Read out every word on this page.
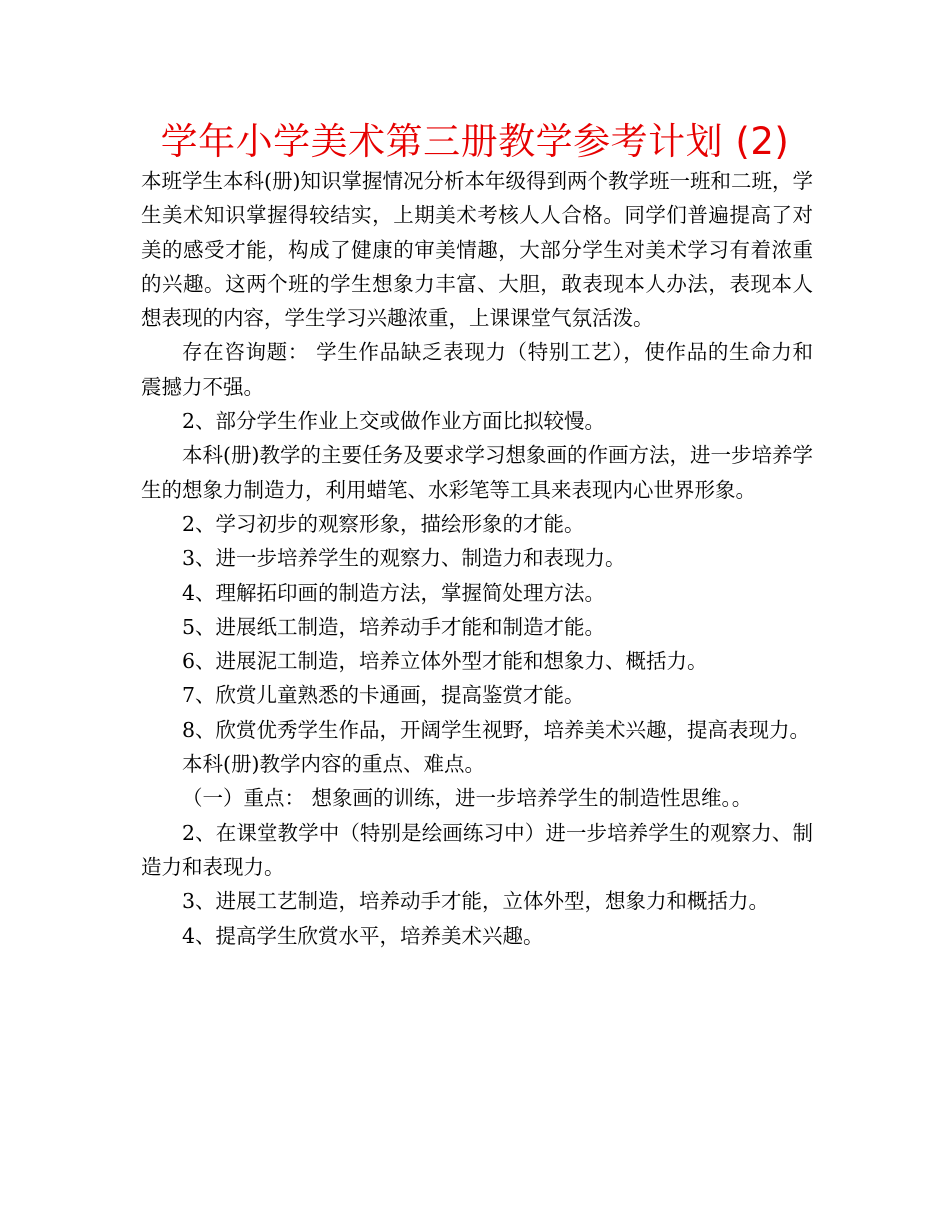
学年小学美术第三册教学参考计划 (2)

本班学生本科(册)知识掌握情况分析本年级得到两个教学班一班和二班，学生美术知识掌握得较结实，上期美术考核人人合格。同学们普遍提高了对美的感受才能，构成了健康的审美情趣，大部分学生对美术学习有着浓重的兴趣。这两个班的学生想象力丰富、大胆，敢表现本人办法，表现本人想表现的内容，学生学习兴趣浓重，上课课堂气氛活泼。

存在咨询题： 学生作品缺乏表现力（特别工艺），使作品的生命力和震撼力不强。

2、部分学生作业上交或做作业方面比拟较慢。

本科(册)教学的主要任务及要求学习想象画的作画方法，进一步培养学生的想象力制造力，利用蜡笔、水彩笔等工具来表现内心世界形象。

2、学习初步的观察形象，描绘形象的才能。

3、进一步培养学生的观察力、制造力和表现力。

4、理解拓印画的制造方法，掌握简处理方法。

5、进展纸工制造，培养动手才能和制造才能。

6、进展泥工制造，培养立体外型才能和想象力、概括力。

7、欣赏儿童熟悉的卡通画，提高鉴赏才能。

8、欣赏优秀学生作品，开阔学生视野，培养美术兴趣，提高表现力。

本科(册)教学内容的重点、难点。

（一）重点： 想象画的训练，进一步培养学生的制造性思维。。

2、在课堂教学中（特别是绘画练习中）进一步培养学生的观察力、制造力和表现力。

3、进展工艺制造，培养动手才能，立体外型，想象力和概括力。

4、提高学生欣赏水平，培养美术兴趣。
